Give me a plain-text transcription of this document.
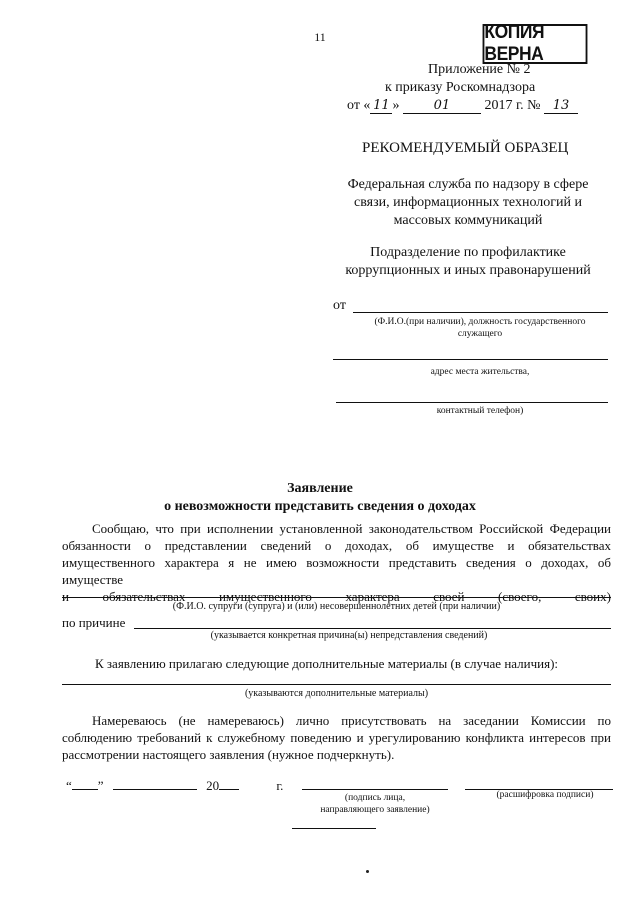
11	КОПИЯ ВЕРНА
Приложение № 2
к приказу Роскомнадзора
от « 11 »	01 2017 г. № 13
РЕКОМЕНДУЕМЫЙ ОБРАЗЕЦ
Федеральная служба по надзору в сфере
связи, информационных технологий и
массовых коммуникаций
Подразделение по профилактике
коррупционных и иных правонарушений
от
(Ф.И.О.(при наличии), должность государственного
служащего
адрес места жительства,
контактный телефон)
Заявление
о невозможности представить сведения о доходах
Сообщаю, что при исполнении установленной законодательством Российской Федерации
обязанности о представлении сведений о доходах, об имуществе и обязательствах
имущественного характера я не имею возможности представить сведения о доходах, об имуществе
и	обязательствах	имущественного	характера	своей	(своего,	своих)
(Ф.И.О. супруги (супруга) и (или) несовершеннолетних детей (при наличии)
по причине
(указывается конкретная причина(ы) непредставления сведений)
К заявлению прилагаю следующие дополнительные материалы (в случае наличия):
(указываются дополнительные материалы)
Намереваюсь (не намереваюсь) лично присутствовать на заседании Комиссии по
соблюдению требований к служебному поведению и урегулированию конфликта интересов при
рассмотрении настоящего заявления (нужное подчеркнуть).
“ ”	20	г.
(подпись лица,
направляющего заявление)
(расшифровка подписи)
